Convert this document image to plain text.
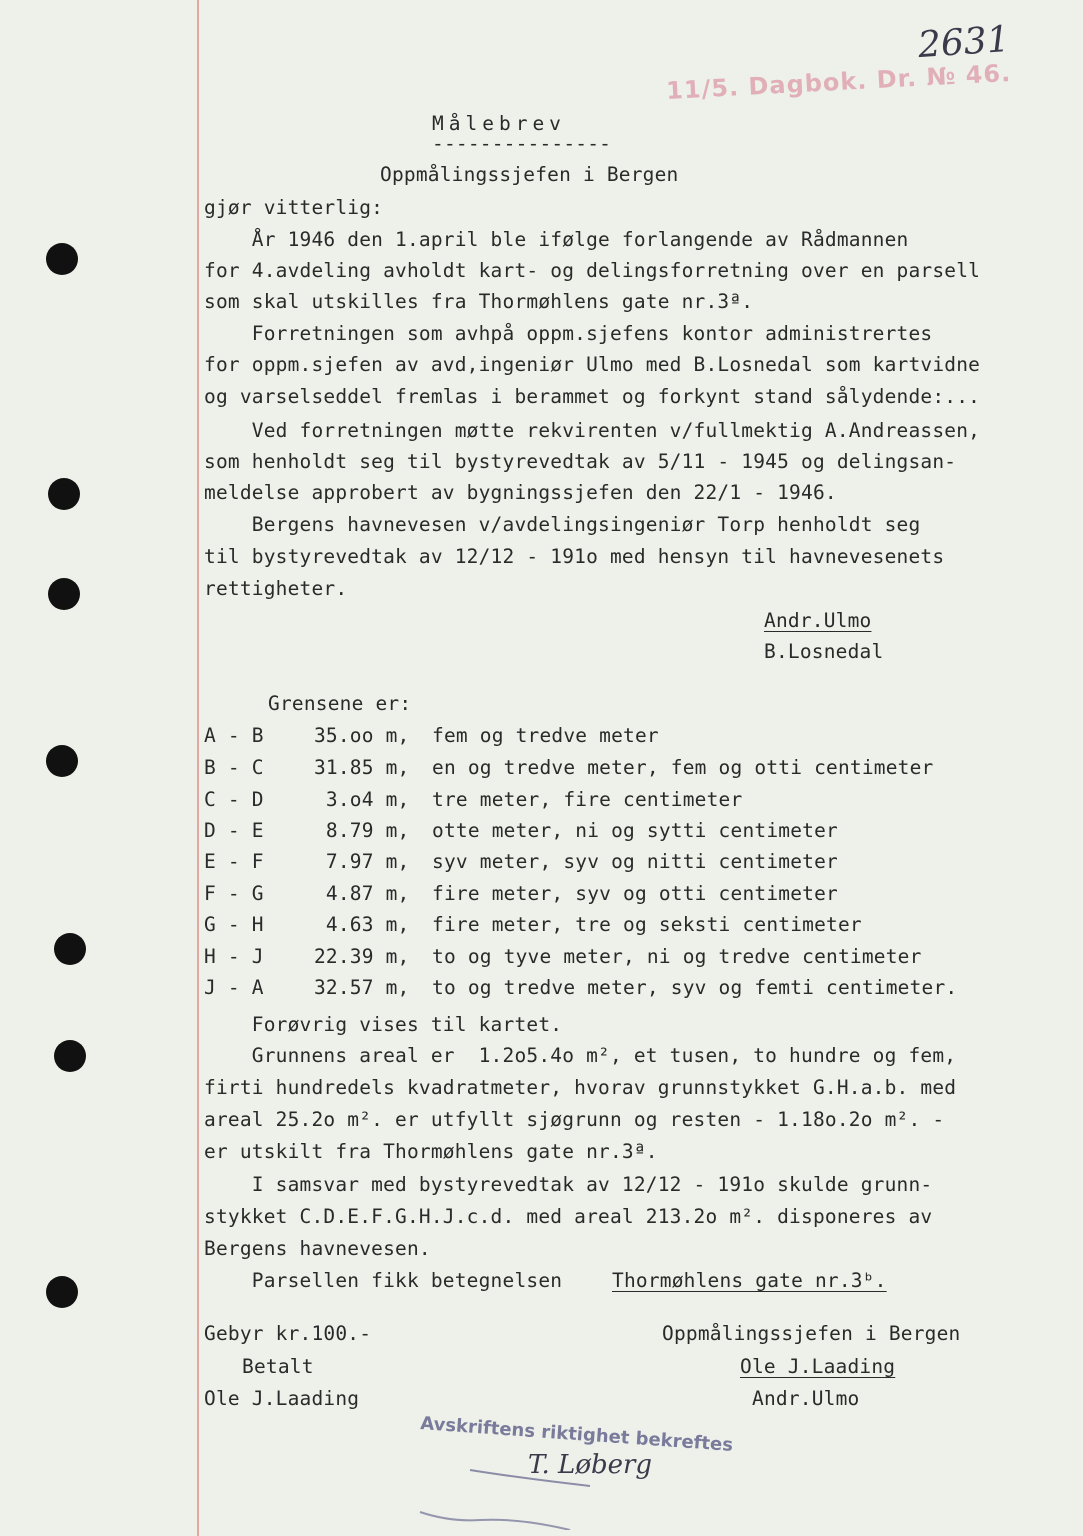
2631
11/5. Dagbok. Dr. № 46.
Målebrev
---------------
Oppmålingssjefen i Bergen
gjør vitterlig:
År 1946 den 1.april ble ifølge forlangende av Rådmannen
for 4.avdeling avholdt kart- og delingsforretning over en parsell
som skal utskilles fra Thormøhlens gate nr.3ª.
Forretningen som avhpå oppm.sjefens kontor administrertes
for oppm.sjefen av avd,ingeniør Ulmo med B.Losnedal som kartvidne
og varselseddel fremlas i berammet og forkynt stand sålydende:...
Ved forretningen møtte rekvirenten v/fullmektig A.Andreassen,
som henholdt seg til bystyrevedtak av 5/11 - 1945 og delingsan-
meldelse approbert av bygningssjefen den 22/1 - 1946.
Bergens havnevesen v/avdelingsingeniør Torp henholdt seg
til bystyrevedtak av 12/12 - 191o med hensyn til havnevesenets
rettigheter.
Andr.Ulmo
B.Losnedal
Grensene er:
A - B 35.oo m, fem og tredve meter
B - C 31.85 m, en og tredve meter, fem og otti centimeter
C - D 3.o4 m, tre meter, fire centimeter
D - E 8.79 m, otte meter, ni og sytti centimeter
E - F 7.97 m, syv meter, syv og nitti centimeter
F - G 4.87 m, fire meter, syv og otti centimeter
G - H 4.63 m, fire meter, tre og seksti centimeter
H - J 22.39 m, to og tyve meter, ni og tredve centimeter
J - A 32.57 m, to og tredve meter, syv og femti centimeter.
Forøvrig vises til kartet.
Grunnens areal er  1.2o5.4o m², et tusen, to hundre og fem,
firti hundredels kvadratmeter, hvorav grunnstykket G.H.a.b. med
areal 25.2o m². er utfyllt sjøgrunn og resten - 1.18o.2o m². -
er utskilt fra Thormøhlens gate nr.3ª.
I samsvar med bystyrevedtak av 12/12 - 191o skulde grunn-
stykket C.D.E.F.G.H.J.c.d. med areal 213.2o m². disponeres av
Bergens havnevesen.
Parsellen fikk betegnelsen Thormøhlens gate nr.3ᵇ.
Gebyr kr.100.-
Betalt
Ole J.Laading
Oppmålingssjefen i Bergen
Ole J.Laading
Andr.Ulmo
Avskriftens riktighet bekreftes
T. Løberg
